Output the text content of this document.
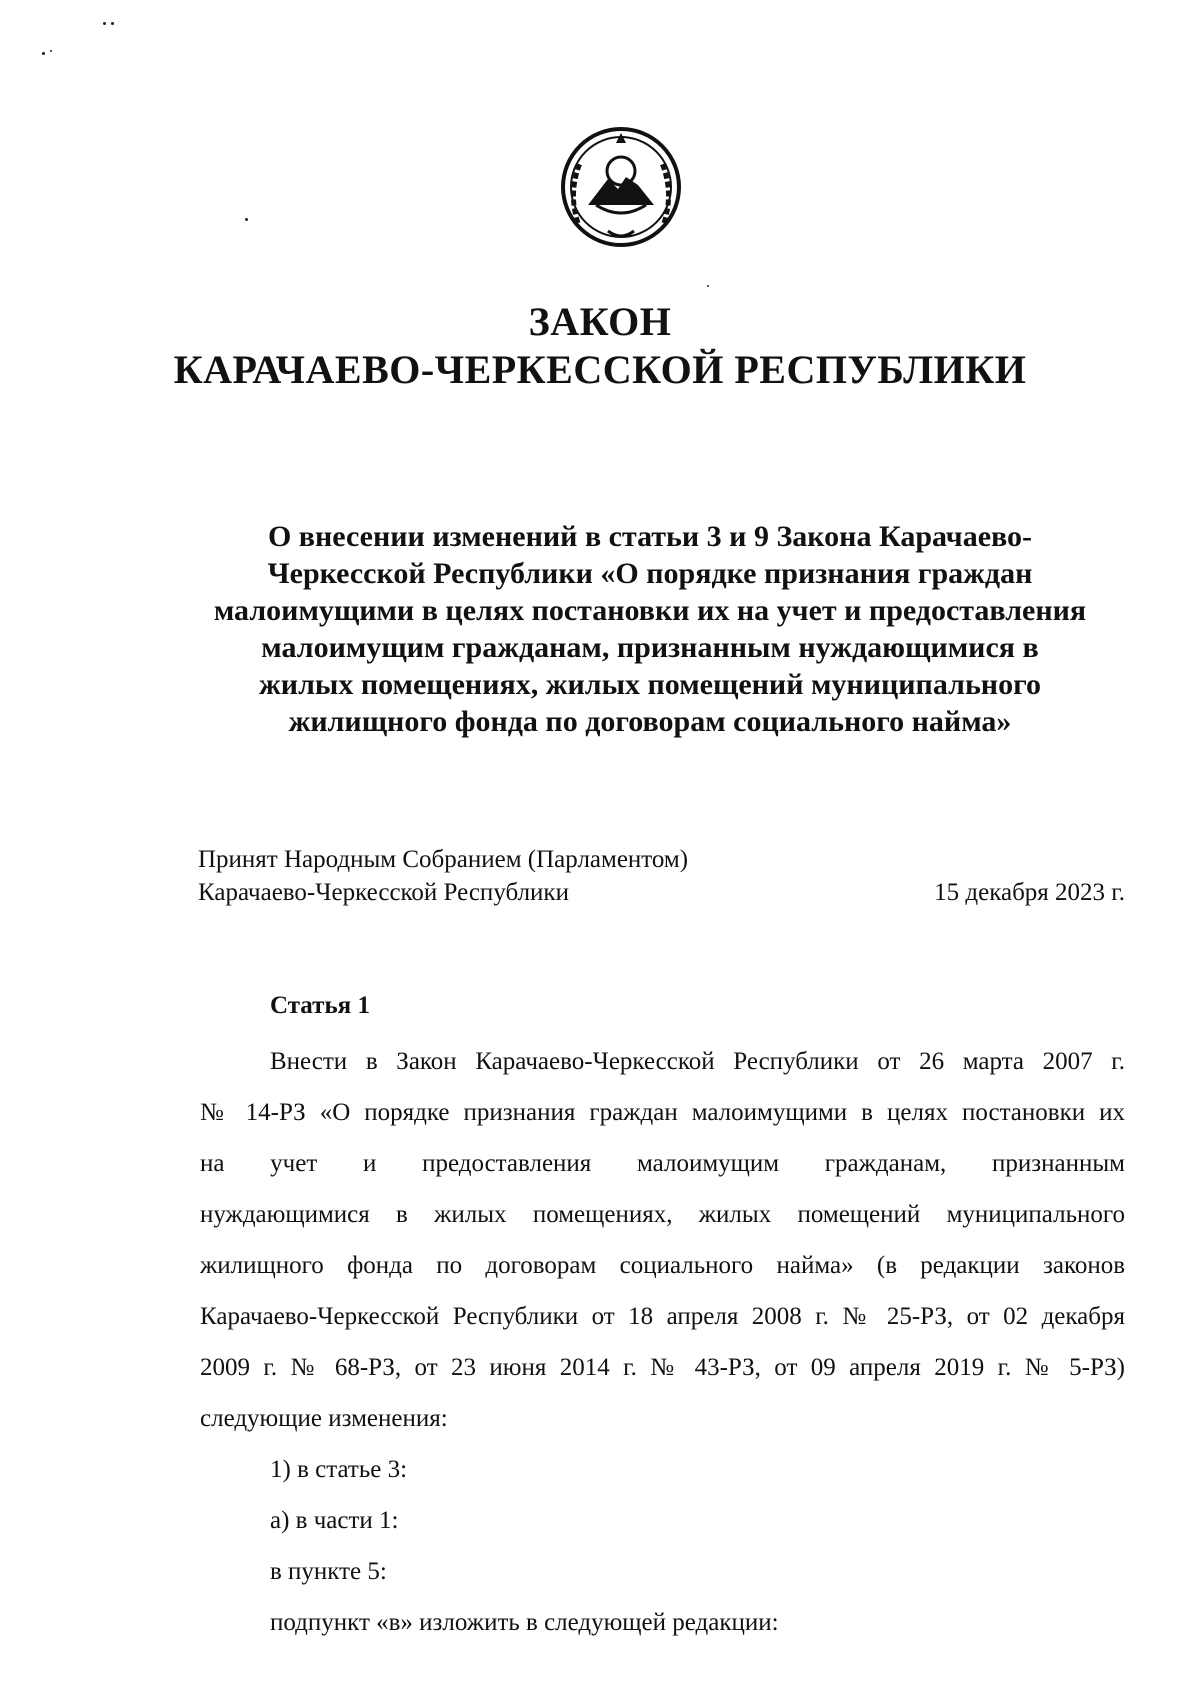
ЗАКОН
КАРАЧАЕВО-ЧЕРКЕССКОЙ РЕСПУБЛИКИ
О внесении изменений в статьи 3 и 9 Закона Карачаево-
Черкесской Республики «О порядке признания граждан
малоимущими в целях постановки их на учет и предоставления
малоимущим гражданам, признанным нуждающимися в
жилых помещениях, жилых помещений муниципального
жилищного фонда по договорам социального найма»
Принят Народным Собранием (Парламентом)
Карачаево-Черкесской Республики	15 декабря 2023 г.
Статья 1
Внести в Закон Карачаево-Черкесской Республики от 26 марта 2007 г.
№ 14-РЗ «О порядке признания граждан малоимущими в целях постановки их
на учет и предоставления малоимущим гражданам, признанным
нуждающимися в жилых помещениях, жилых помещений муниципального
жилищного фонда по договорам социального найма» (в редакции законов
Карачаево-Черкесской Республики от 18 апреля 2008 г. № 25-РЗ, от 02 декабря
2009 г. № 68-РЗ, от 23 июня 2014 г. № 43-РЗ, от 09 апреля 2019 г. № 5-РЗ)
следующие изменения:
1) в статье 3:
а) в части 1:
в пункте 5:
подпункт «в» изложить в следующей редакции:
